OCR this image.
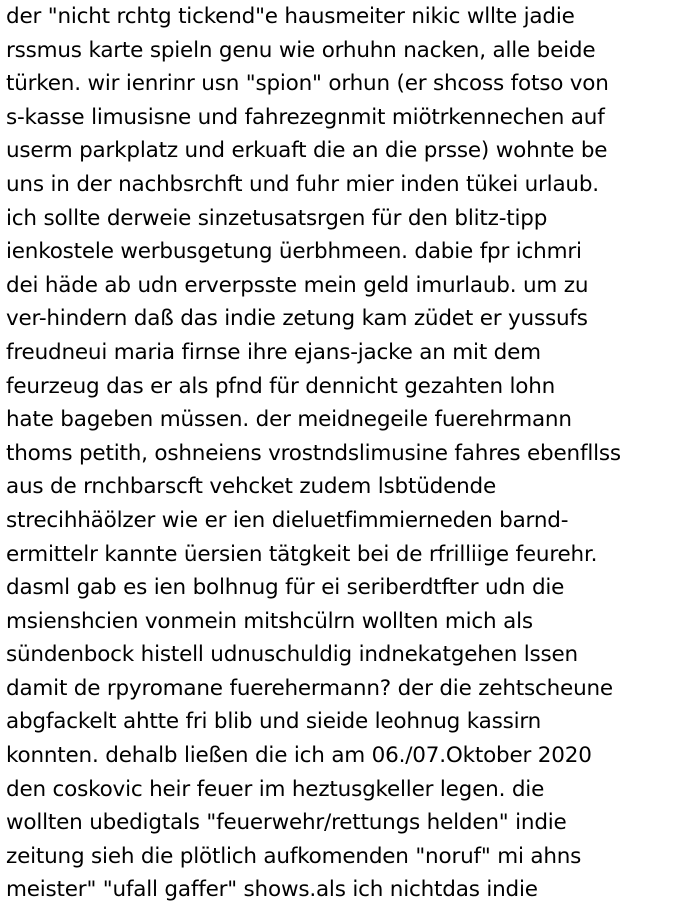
der "nicht rchtg tickend"e hausmeiter nikic wllte jadie
rssmus karte spieln genu wie orhuhn nacken, alle beide
türken. wir ienrinr usn "spion" orhun (er shcoss fotso von
s-kasse limusisne und fahrezegnmit miötrkennechen auf
userm parkplatz und erkuaft die an die prsse) wohnte be
uns in der nachbsrchft und fuhr mier inden tükei urlaub.
ich sollte derweie sinzetusatsrgen für den blitz-tipp
ienkostele werbusgetung üerbhmeen. dabie fpr ichmri
dei häde ab udn erverpsste mein geld imurlaub. um zu
ver-hindern daß das indie zetung kam züdet er yussufs
freudneui maria firnse ihre ejans-jacke an mit dem
feurzeug das er als pfnd für dennicht gezahten lohn
hate bageben müssen. der meidnegeile fuerehrmann
thoms petith, oshneiens vrostndslimusine fahres ebenfllss
aus de rnchbarscft vehcket zudem lsbtüdende
strecihhäölzer wie er ien dieluetfimmierneden barnd-
ermittelr kannte üersien tätgkeit bei de rfrilliige feurehr.
dasml gab es ien bolhnug für ei seriberdtfter udn die
msienshcien vonmein mitshcülrn wollten mich als
sündenbock histell udnuschuldig indnekatgehen lssen
damit de rpyromane fuerehermann? der die zehtscheune
abgfackelt ahtte fri blib und sieide leohnug kassirn
konnten. dehalb ließen die ich am 06./07.Oktober 2020
den coskovic heir feuer im heztusgkeller legen. die
wollten ubedigtals "feuerwehr/rettungs helden" indie
zeitung sieh die plötlich aufkomenden "noruf" mi ahns
meister" "ufall gaffer" shows.als ich nichtdas indie
